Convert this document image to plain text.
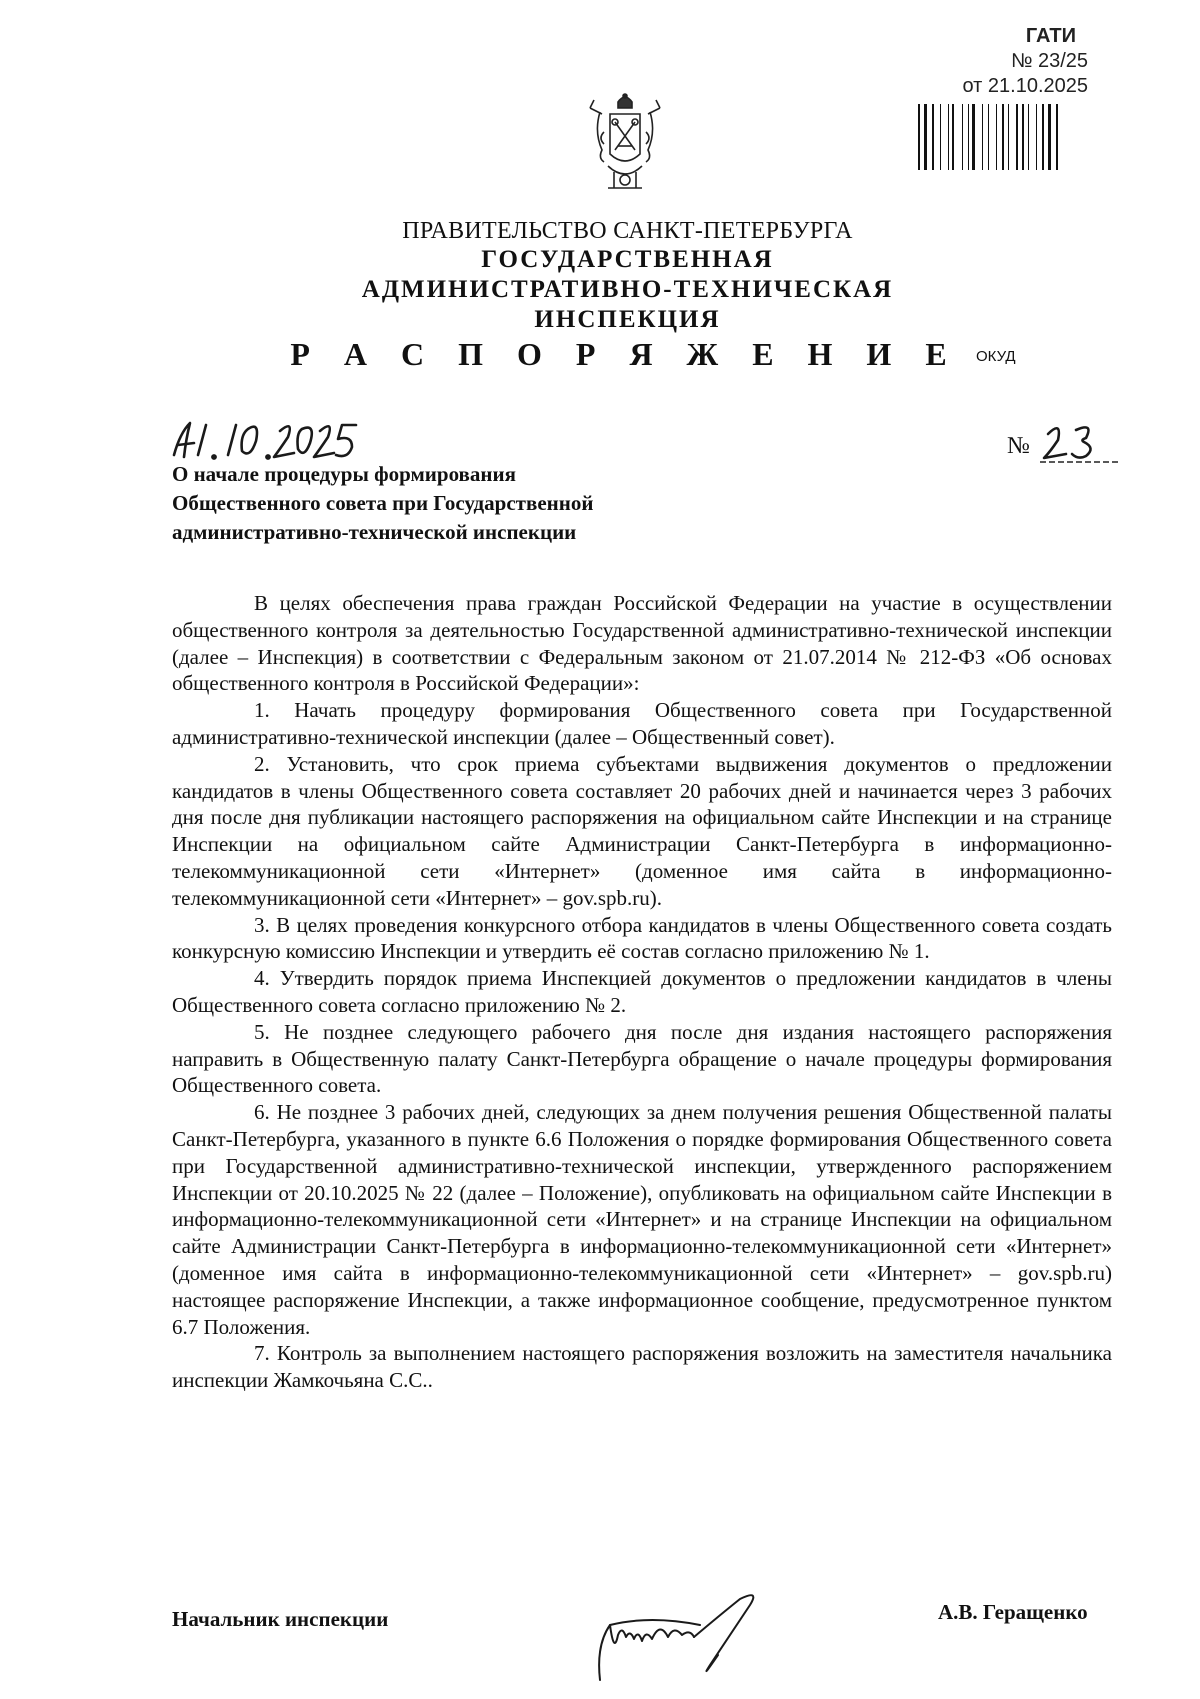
ГАТИ
№ 23/25
от 21.10.2025
ПРАВИТЕЛЬСТВО САНКТ-ПЕТЕРБУРГА
ГОСУДАРСТВЕННАЯ
АДМИНИСТРАТИВНО-ТЕХНИЧЕСКАЯ
ИНСПЕКЦИЯ
Р А С П О Р Я Ж Е Н И Е	ОКУД
№
О начале процедуры формирования
Общественного совета при Государственной
административно-технической инспекции

В целях обеспечения права граждан Российской Федерации на участие в осуществлении общественного контроля за деятельностью Государственной административно-технической инспекции (далее – Инспекция) в соответствии с Федеральным законом от 21.07.2014 № 212-ФЗ «Об основах общественного контроля в Российской Федерации»:

1. Начать процедуру формирования Общественного совета при Государственной административно-технической инспекции (далее – Общественный совет).

2. Установить, что срок приема субъектами выдвижения документов о предложении кандидатов в члены Общественного совета составляет 20 рабочих дней и начинается через 3 рабочих дня после дня публикации настоящего распоряжения на официальном сайте Инспекции и на странице Инспекции на официальном сайте Администрации Санкт-Петербурга в информационно-телекоммуникационной сети «Интернет» (доменное имя сайта в информационно-телекоммуникационной сети «Интернет» – gov.spb.ru).

3. В целях проведения конкурсного отбора кандидатов в члены Общественного совета создать конкурсную комиссию Инспекции и утвердить её состав согласно приложению № 1.

4. Утвердить порядок приема Инспекцией документов о предложении кандидатов в члены Общественного совета согласно приложению № 2.

5. Не позднее следующего рабочего дня после дня издания настоящего распоряжения направить в Общественную палату Санкт-Петербурга обращение о начале процедуры формирования Общественного совета.

6. Не позднее 3 рабочих дней, следующих за днем получения решения Общественной палаты Санкт-Петербурга, указанного в пункте 6.6 Положения о порядке формирования Общественного совета при Государственной административно-технической инспекции, утвержденного распоряжением Инспекции от 20.10.2025 № 22 (далее – Положение), опубликовать на официальном сайте Инспекции в информационно-телекоммуникационной сети «Интернет» и на странице Инспекции на официальном сайте Администрации Санкт-Петербурга в информационно-телекоммуникационной сети «Интернет» (доменное имя сайта в информационно-телекоммуникационной сети «Интернет» – gov.spb.ru) настоящее распоряжение Инспекции, а также информационное сообщение, предусмотренное пунктом 6.7 Положения.

7. Контроль за выполнением настоящего распоряжения возложить на заместителя начальника инспекции Жамкочьяна С.С..

Начальник инспекции	А.В. Геращенко
